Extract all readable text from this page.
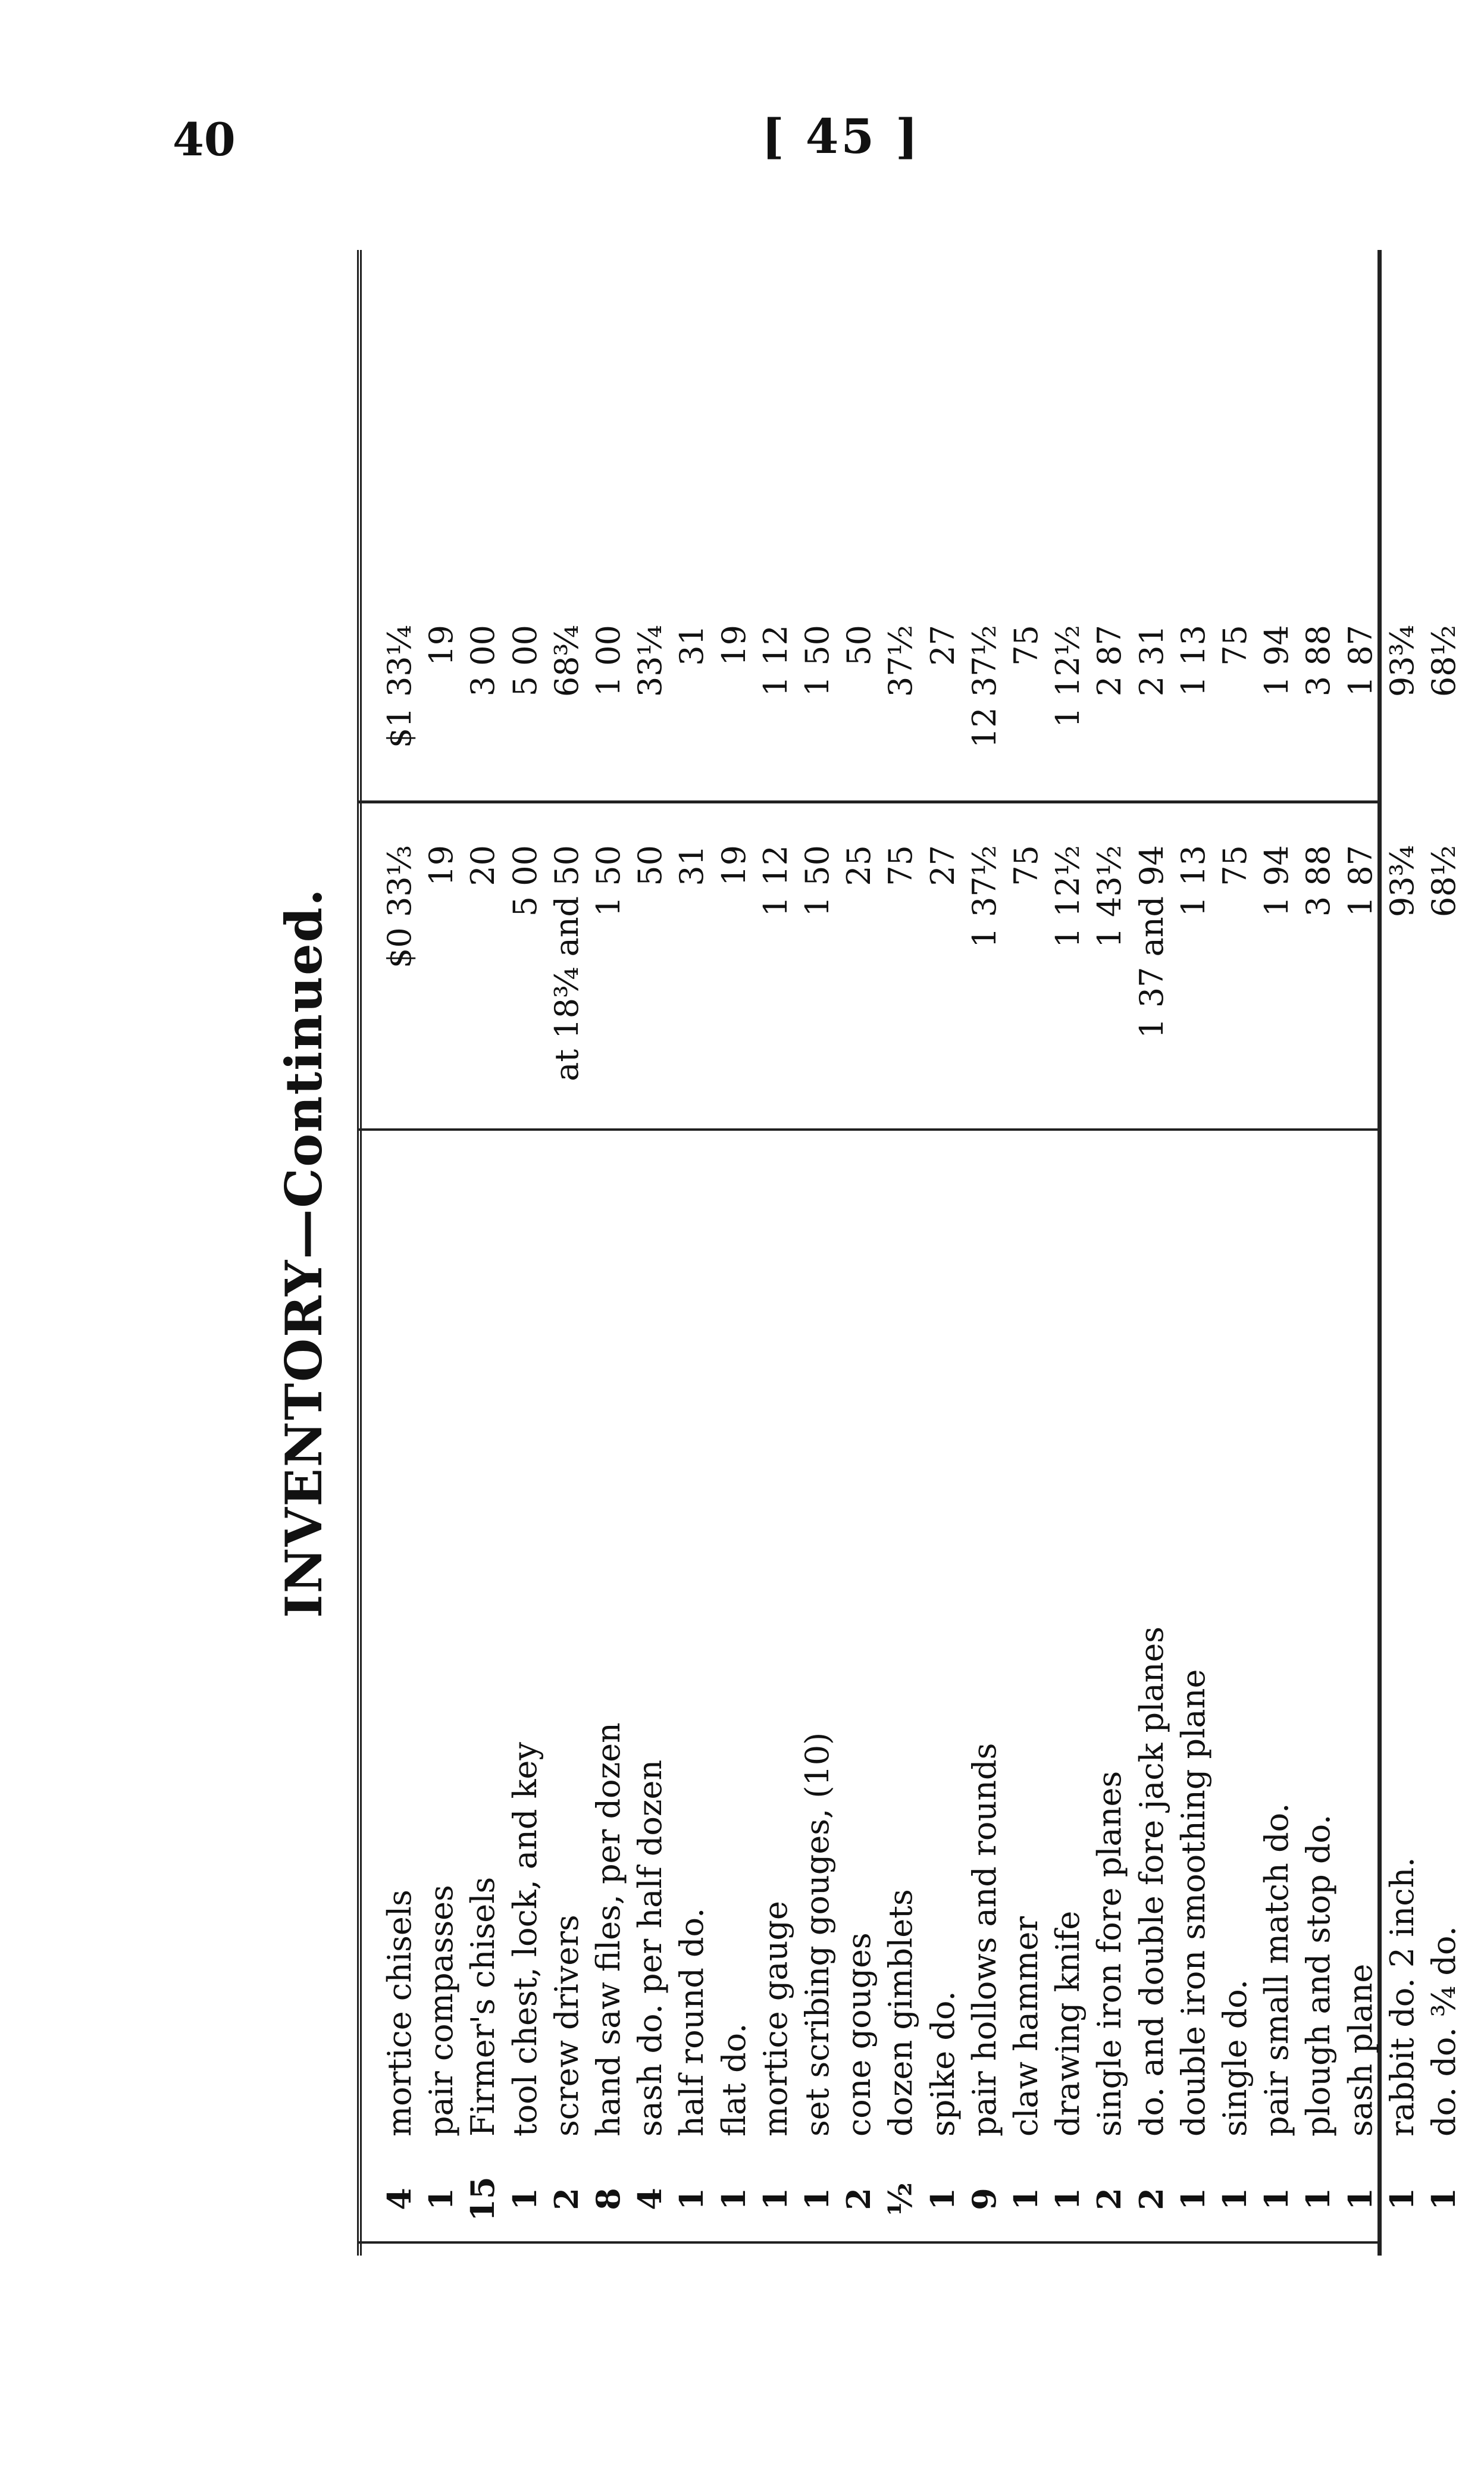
40	[ 45 ]
INVENTORY—Continued.
4
mortice chisels
$0 33⅓
$1 33¼
1
pair compasses
19
19
15
Firmer's chisels
20
3 00
1
tool chest, lock, and key
5 00
5 00
2
screw drivers
at 18¾ and 50
68¾
8
hand saw files, per dozen
1 50
1 00
4
sash do. per half dozen
50
33¼
1
half round do.
31
31
1
flat do.
19
19
1
mortice gauge
1 12
1 12
1
set scribing gouges, (10)
1 50
1 50
2
cone gouges
25
50
½
dozen gimblets
75
37½
1
spike do.
27
27
9
pair hollows and rounds
1 37½
12 37½
1
claw hammer
75
75
1
drawing knife
1 12½
1 12½
2
single iron fore planes
1 43½
2 87
2
do. and double fore jack planes
1 37 and 94
2 31
1
double iron smoothing plane
1 13
1 13
1
single do.
75
75
1
pair small match do.
1 94
1 94
1
plough and stop do.
3 88
3 88
1
sash plane
1 87
1 87
1
rabbit do. 2 inch.
93¾
93¾
1
do. do. ¾ do.
68½
68½
